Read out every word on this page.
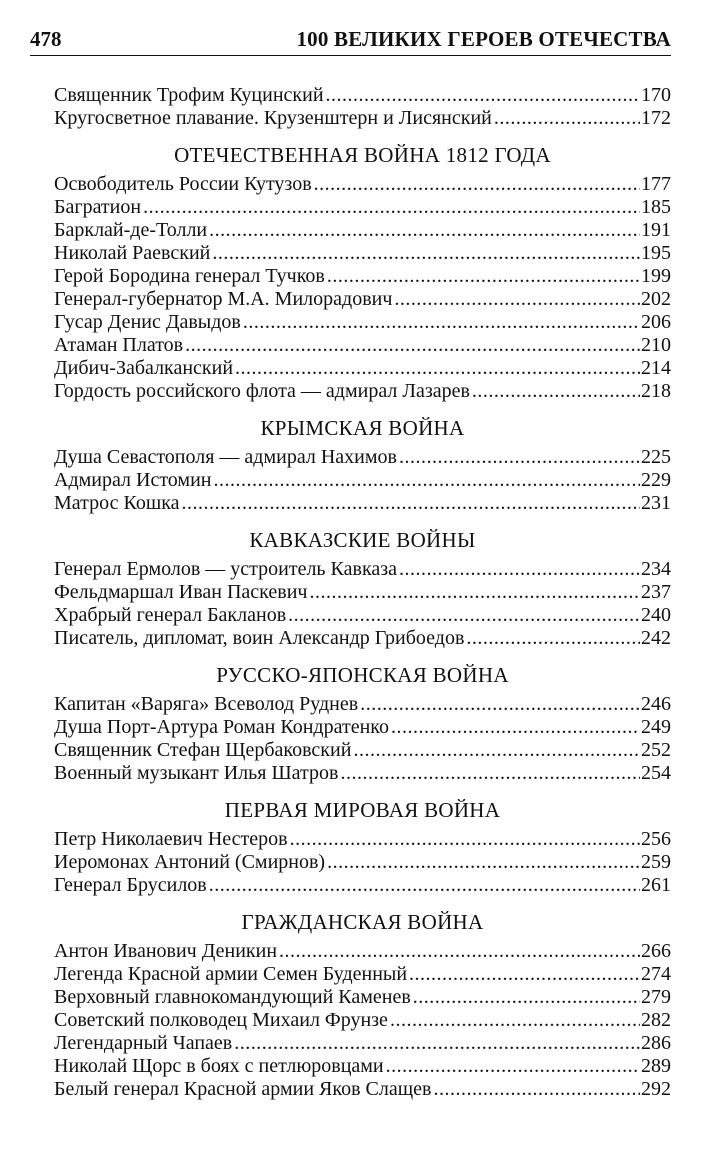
478	100 ВЕЛИКИХ ГЕРОЕВ ОТЕЧЕСТВА
Священник Трофим Куцинский .....	170
Кругосветное плавание. Крузенштерн и Лисянский .....	172
ОТЕЧЕСТВЕННАЯ ВОЙНА 1812 ГОДА
Освободитель России Кутузов .....	177
Багратион .....	185
Барклай-де-Толли .....	191
Николай Раевский .....	195
Герой Бородина генерал Тучков .....	199
Генерал-губернатор М.А. Милорадович .....	202
Гусар Денис Давыдов .....	206
Атаман Платов .....	210
Дибич-Забалканский .....	214
Гордость российского флота — адмирал Лазарев .....	218
КРЫМСКАЯ ВОЙНА
Душа Севастополя — адмирал Нахимов .....	225
Адмирал Истомин .....	229
Матрос Кошка .....	231
КАВКАЗСКИЕ ВОЙНЫ
Генерал Ермолов — устроитель Кавказа .....	234
Фельдмаршал Иван Паскевич .....	237
Храбрый генерал Бакланов .....	240
Писатель, дипломат, воин Александр Грибоедов .....	242
РУССКО-ЯПОНСКАЯ ВОЙНА
Капитан «Варяга» Всеволод Руднев .....	246
Душа Порт-Артура Роман Кондратенко .....	249
Священник Стефан Щербаковский .....	252
Военный музыкант Илья Шатров .....	254
ПЕРВАЯ МИРОВАЯ ВОЙНА
Петр Николаевич Нестеров .....	256
Иеромонах Антоний (Смирнов) .....	259
Генерал Брусилов .....	261
ГРАЖДАНСКАЯ ВОЙНА
Антон Иванович Деникин .....	266
Легенда Красной армии Семен Буденный .....	274
Верховный главнокомандующий Каменев .....	279
Советский полководец Михаил Фрунзе .....	282
Легендарный Чапаев .....	286
Николай Щорс в боях с петлюровцами .....	289
Белый генерал Красной армии Яков Слащев .....	292
